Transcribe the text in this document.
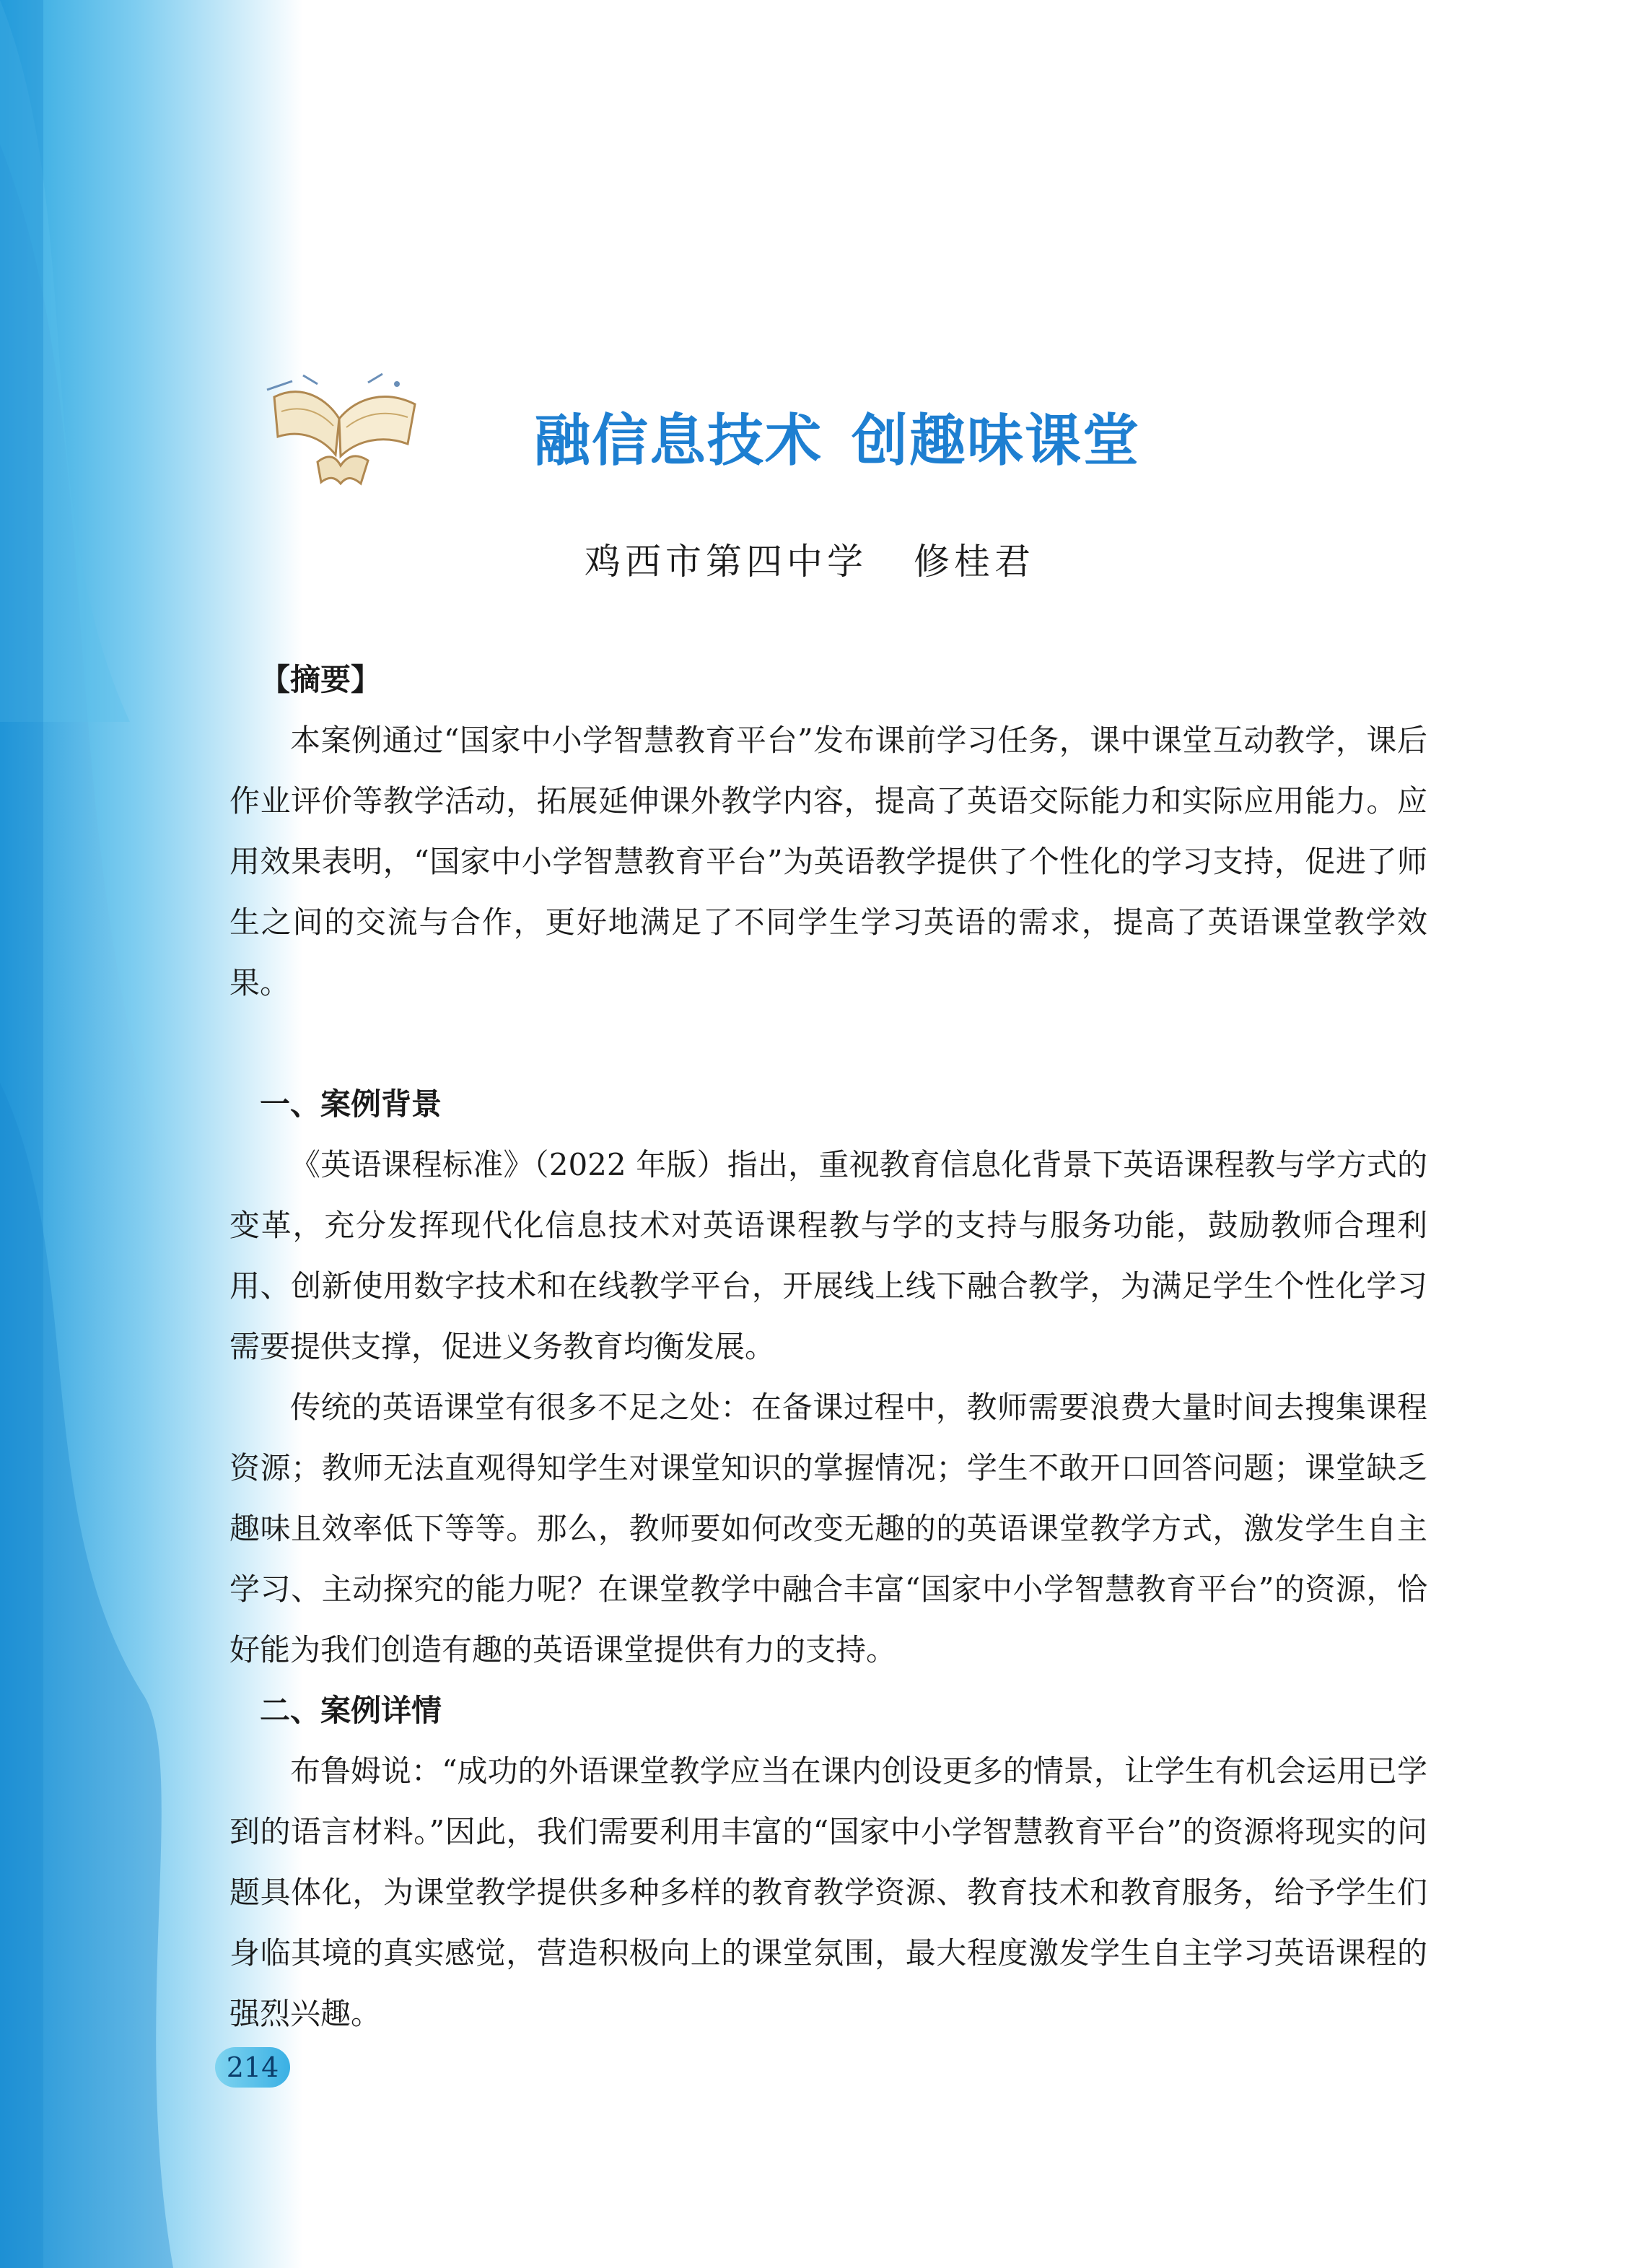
融信息技术 创趣味课堂
鸡西市第四中学 修桂君
【摘要】

本案例通过“国家中小学智慧教育平台”发布课前学习任务，课中课堂互动教学，课后作业评价等教学活动，拓展延伸课外教学内容，提高了英语交际能力和实际应用能力。应用效果表明，“国家中小学智慧教育平台”为英语教学提供了个性化的学习支持，促进了师生之间的交流与合作，更好地满足了不同学生学习英语的需求，提高了英语课堂教学效果。

一、案例背景

《英语课程标准》（2022 年版）指出，重视教育信息化背景下英语课程教与学方式的变革，充分发挥现代化信息技术对英语课程教与学的支持与服务功能，鼓励教师合理利用、创新使用数字技术和在线教学平台，开展线上线下融合教学，为满足学生个性化学习需要提供支撑，促进义务教育均衡发展。

传统的英语课堂有很多不足之处：在备课过程中，教师需要浪费大量时间去搜集课程资源；教师无法直观得知学生对课堂知识的掌握情况；学生不敢开口回答问题；课堂缺乏趣味且效率低下等等。那么，教师要如何改变无趣的的英语课堂教学方式，激发学生自主学习、主动探究的能力呢？在课堂教学中融合丰富“国家中小学智慧教育平台”的资源，恰好能为我们创造有趣的英语课堂提供有力的支持。

二、案例详情

布鲁姆说：“成功的外语课堂教学应当在课内创设更多的情景，让学生有机会运用已学到的语言材料。”因此，我们需要利用丰富的“国家中小学智慧教育平台”的资源将现实的问题具体化，为课堂教学提供多种多样的教育教学资源、教育技术和教育服务，给予学生们身临其境的真实感觉，营造积极向上的课堂氛围，最大程度激发学生自主学习英语课程的强烈兴趣。

214
